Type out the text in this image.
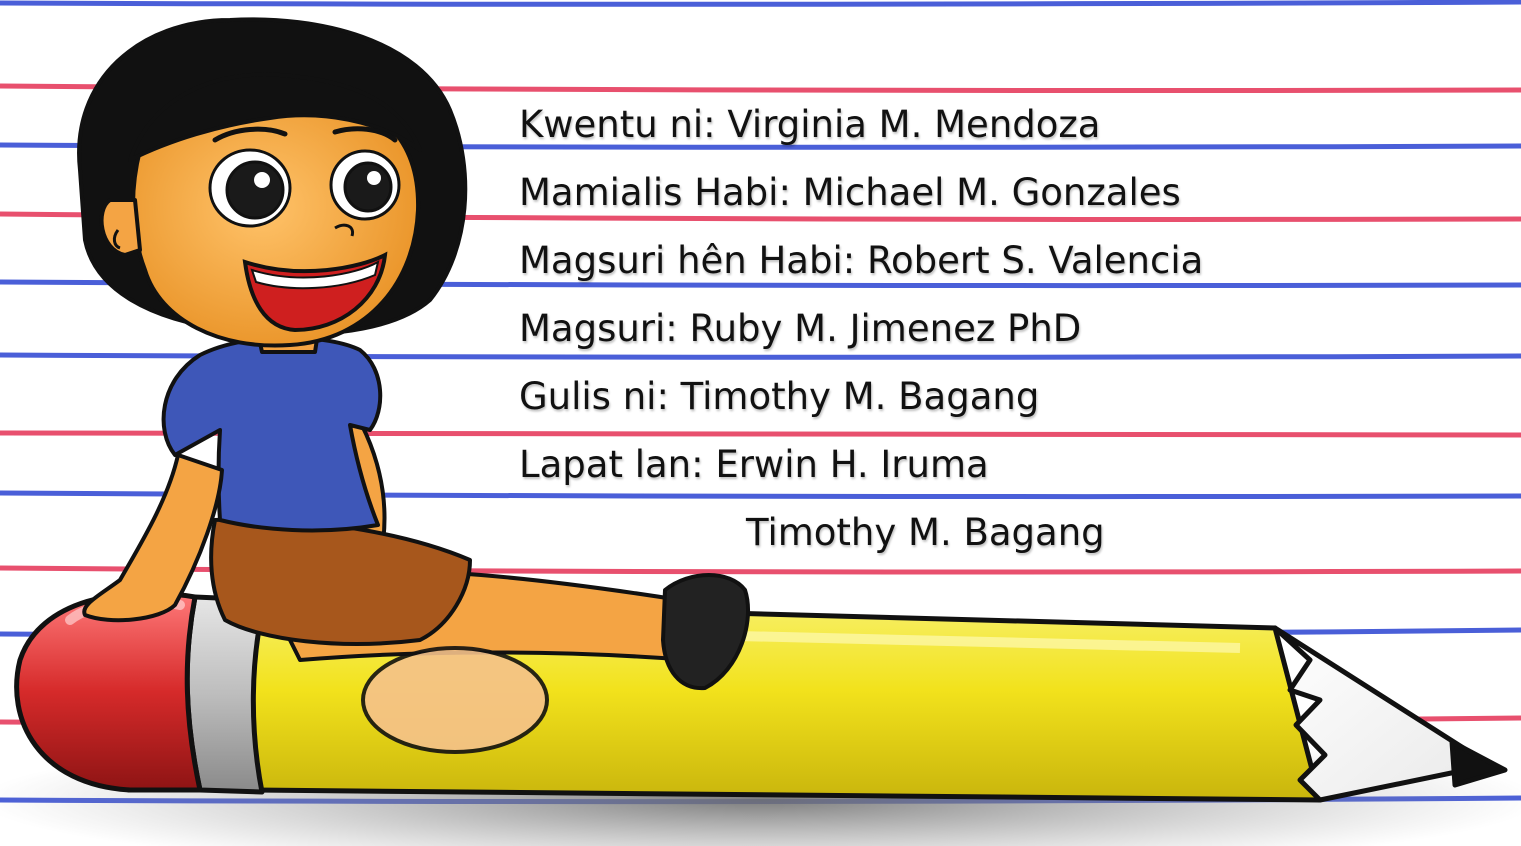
Kwentu ni: Virginia M. Mendoza
Mamialis Habi: Michael M. Gonzales
Magsuri hên Habi: Robert S. Valencia
Magsuri: Ruby M. Jimenez PhD
Gulis ni: Timothy M. Bagang
Lapat lan: Erwin H. Iruma
Timothy M. Bagang
